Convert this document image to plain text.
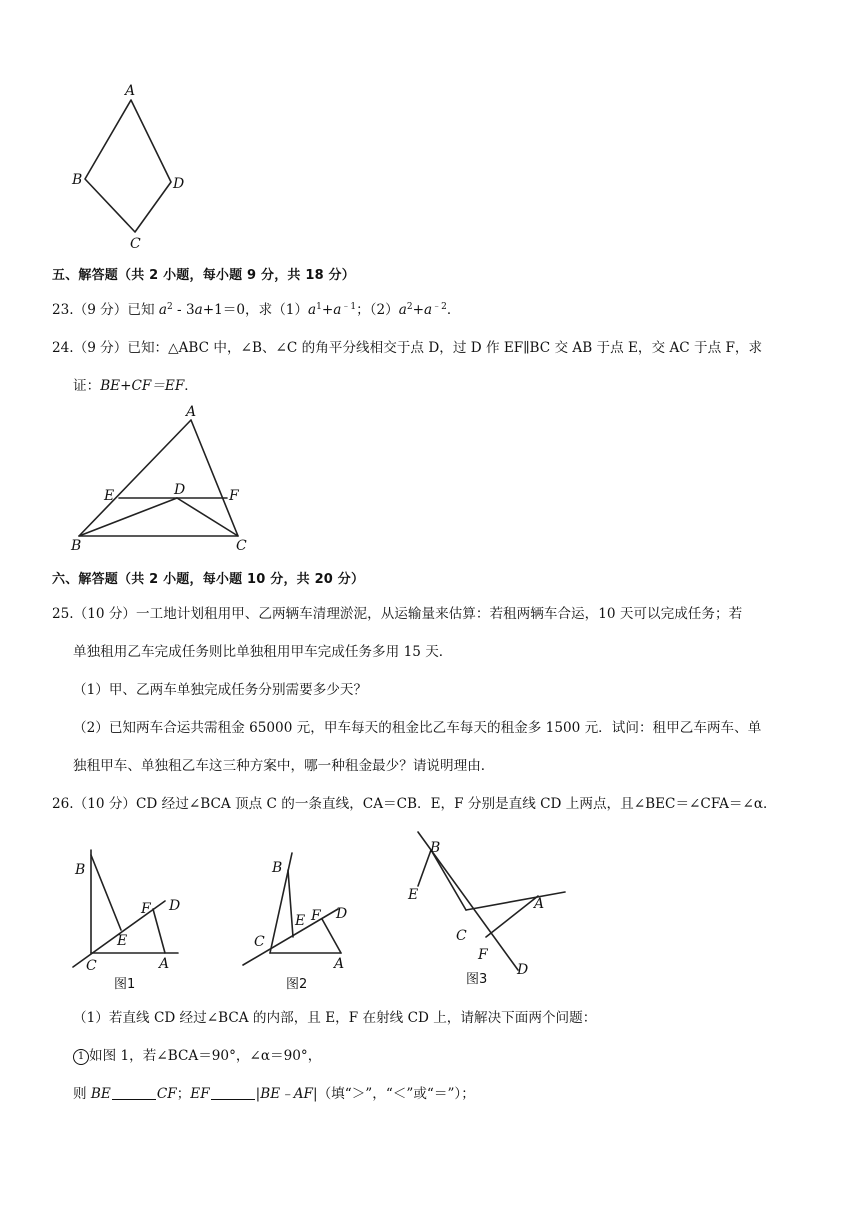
A
B
C
D
五、解答题（共 2 小题，每小题 9 分，共 18 分）
23.（9 分）已知 $a^2 - 3a+1=0$，求$(1)a^1+a^{﹣1}$；$(2)a^2+a^{﹣2}$．
24.（9 分）已知：△ABC 中，∠B、∠C 的角平分线相交于点 D，过 D 作 EF∥BC 交 AB 于点 E，交 AC 于点 F，求
证：BE+CF＝EF．
A
E	D	F
B	C
六、解答题（共 2 小题，每小题 10 分，共 20 分）
25.（10 分）一工地计划租用甲、乙两辆车清理淤泥，从运输量来估算：若租两辆车合运，10 天可以完成任务；若
单独租用乙车完成任务则比单独租用甲车完成任务多用 15 天．
（1）甲、乙两车单独完成任务分别需要多少天？
（2）已知两车合运共需租金 65000 元，甲车每天的租金比乙车每天的租金多 1500 元．试问：租甲乙车两车、单
独租甲车、单独租乙车这三种方案中，哪一种租金最少？请说明理由．
26.（10 分）CD 经过∠BCA 顶点 C 的一条直线，CA＝CB．E，F 分别是直线 CD 上两点，且∠BEC＝∠CFA＝∠α．
B
F D
E
C	A
图1
B
E F D
C
A
图2
B
E
A
C
F
D
图3
（1）若直线 CD 经过∠BCA 的内部，且 E，F 在射线 CD 上，请解决下面两个问题：
1 如图 1，若∠BCA＝90°，∠α＝90°，
则 BE	CF；EF	|BE﹣AF|（填“＞”，“＜”或“＝”）；
